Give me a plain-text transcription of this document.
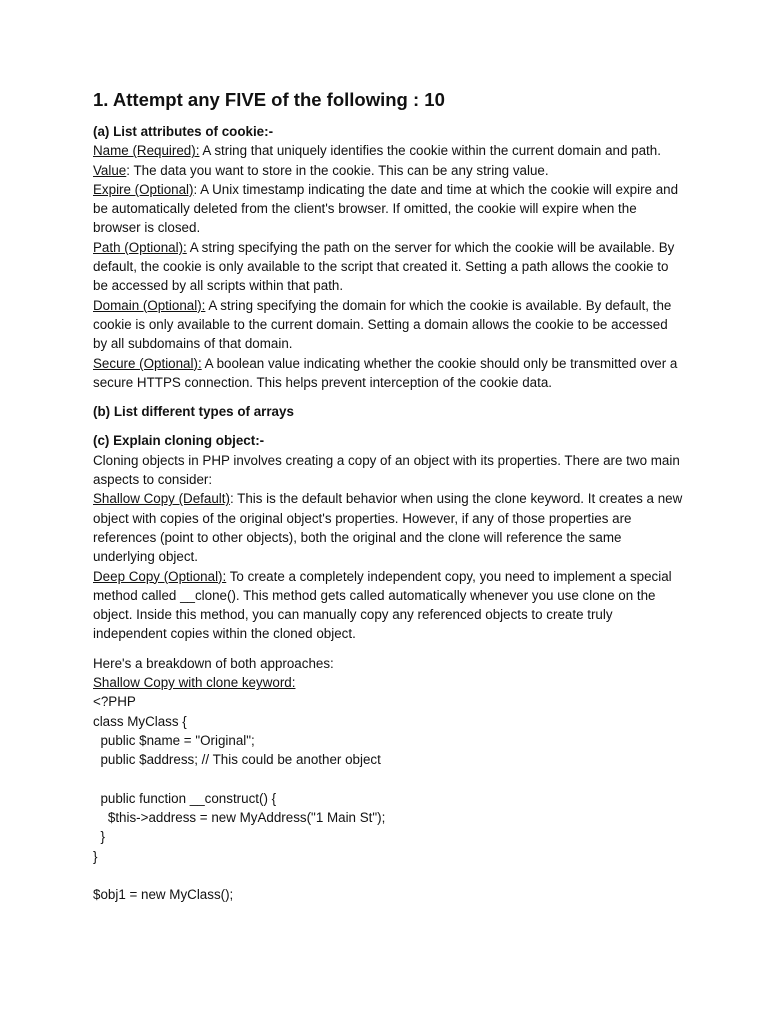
1. Attempt any FIVE of the following : 10

(a) List attributes of cookie:-

Name (Required): A string that uniquely identifies the cookie within the current domain and path.

Value: The data you want to store in the cookie. This can be any string value.

Expire (Optional): A Unix timestamp indicating the date and time at which the cookie will expire and be automatically deleted from the client's browser. If omitted, the cookie will expire when the browser is closed.

Path (Optional): A string specifying the path on the server for which the cookie will be available. By default, the cookie is only available to the script that created it. Setting a path allows the cookie to be accessed by all scripts within that path.

Domain (Optional): A string specifying the domain for which the cookie is available. By default, the cookie is only available to the current domain. Setting a domain allows the cookie to be accessed by all subdomains of that domain.

Secure (Optional): A boolean value indicating whether the cookie should only be transmitted over a secure HTTPS connection. This helps prevent interception of the cookie data.

(b) List different types of arrays

(c) Explain cloning object:-

Cloning objects in PHP involves creating a copy of an object with its properties. There are two main aspects to consider:

Shallow Copy (Default): This is the default behavior when using the clone keyword. It creates a new object with copies of the original object's properties. However, if any of those properties are references (point to other objects), both the original and the clone will reference the same underlying object.

Deep Copy (Optional): To create a completely independent copy, you need to implement a special method called __clone(). This method gets called automatically whenever you use clone on the object. Inside this method, you can manually copy any referenced objects to create truly independent copies within the cloned object.

Here's a breakdown of both approaches:

Shallow Copy with clone keyword:

<?PHP

class MyClass {

public $name = "Original";

public $address; // This could be another object

public function __construct() {

$this->address = new MyAddress("1 Main St");

}

}

$obj1 = new MyClass();
